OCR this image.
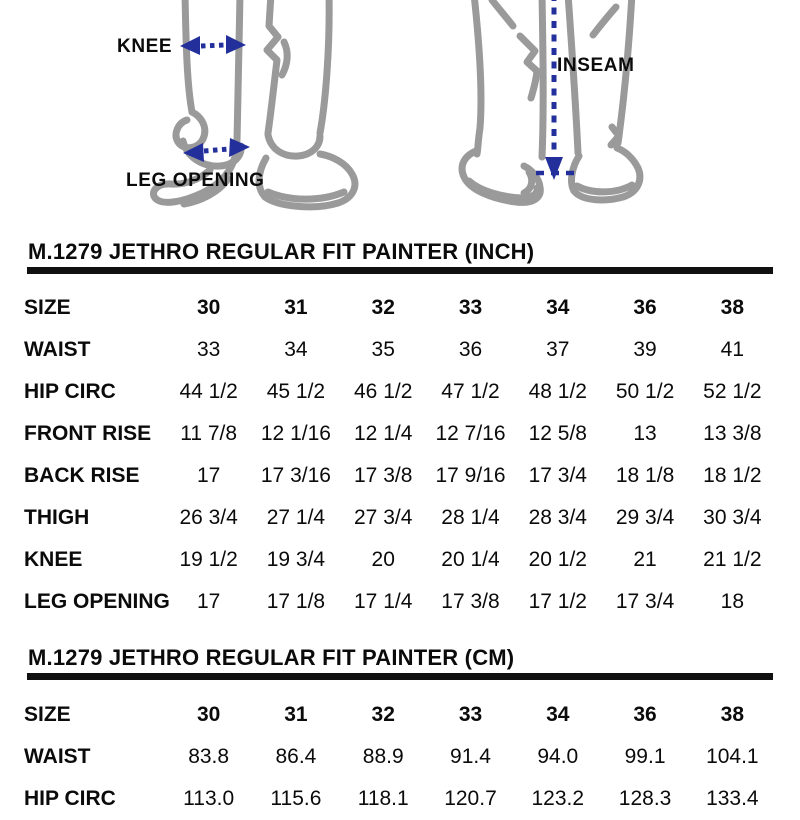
KNEE
LEG OPENING
INSEAM
M.1279 JETHRO REGULAR FIT PAINTER (INCH)
SIZE	30	31	32	33	34	36	38
WAIST	33	34	35	36	37	39	41
HIP CIRC	44 1/2	45 1/2	46 1/2	47 1/2	48 1/2	50 1/2	52 1/2
FRONT RISE	11 7/8	12 1/16	12 1/4	12 7/16	12 5/8	13	13 3/8
BACK RISE	17	17 3/16	17 3/8	17 9/16	17 3/4	18 1/8	18 1/2
THIGH	26 3/4	27 1/4	27 3/4	28 1/4	28 3/4	29 3/4	30 3/4
KNEE	19 1/2	19 3/4	20	20 1/4	20 1/2	21	21 1/2
LEG OPENING	17	17 1/8	17 1/4	17 3/8	17 1/2	17 3/4	18
M.1279 JETHRO REGULAR FIT PAINTER (CM)
SIZE	30	31	32	33	34	36	38
WAIST	83.8	86.4	88.9	91.4	94.0	99.1	104.1
HIP CIRC	113.0	115.6	118.1	120.7	123.2	128.3	133.4
